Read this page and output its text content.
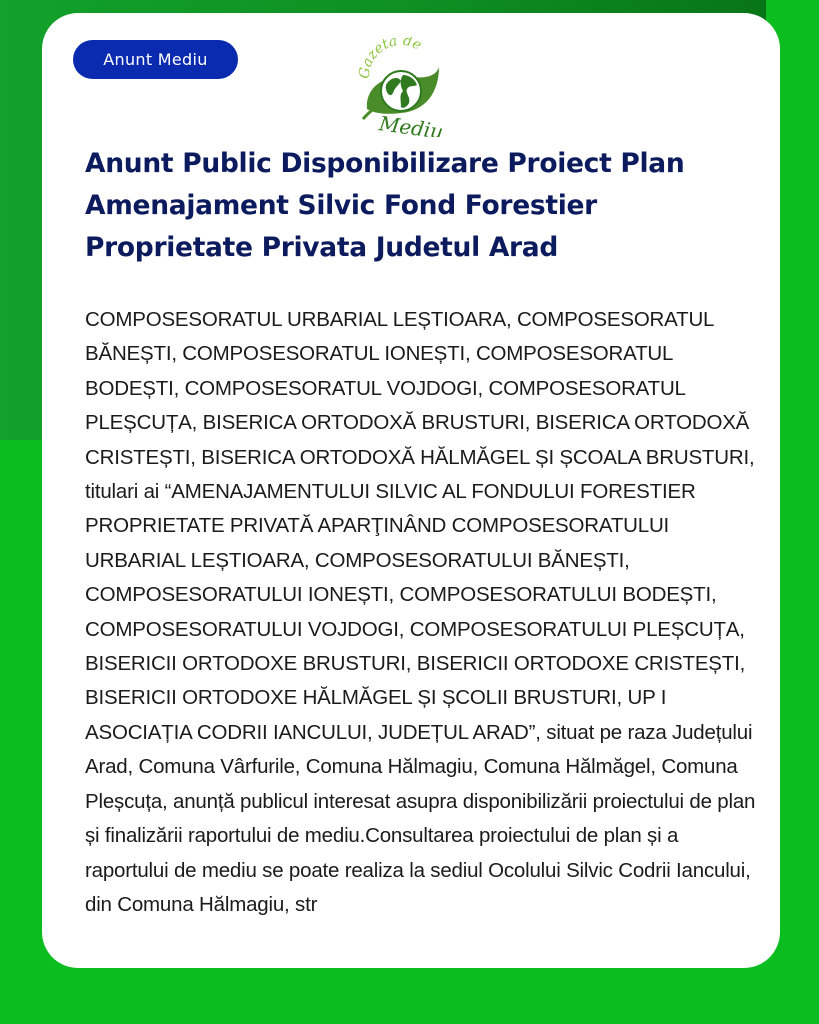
Anunt Mediu
Gazeta de
Mediu
Anunt Public Disponibilizare Proiect Plan Amenajament Silvic Fond Forestier Proprietate Privata Judetul Arad

COMPOSESORATUL URBARIAL LEȘTIOARA, COMPOSESORATUL BĂNEȘTI, COMPOSESORATUL IONEȘTI, COMPOSESORATUL BODEȘTI, COMPOSESORATUL VOJDOGI, COMPOSESORATUL PLEȘCUȚA, BISERICA ORTODOXĂ BRUSTURI, BISERICA ORTODOXĂ CRISTEȘTI, BISERICA ORTODOXĂ HĂLMĂGEL ȘI ȘCOALA BRUSTURI, titulari ai “AMENAJAMENTULUI SILVIC AL FONDULUI FORESTIER PROPRIETATE PRIVATĂ APARŢINÂND COMPOSESORATULUI URBARIAL LEȘTIOARA, COMPOSESORATULUI BĂNEȘTI, COMPOSESORATULUI IONEȘTI, COMPOSESORATULUI BODEȘTI, COMPOSESORATULUI VOJDOGI, COMPOSESORATULUI PLEȘCUȚA, BISERICII ORTODOXE BRUSTURI, BISERICII ORTODOXE CRISTEȘTI, BISERICII ORTODOXE HĂLMĂGEL ȘI ȘCOLII BRUSTURI, UP I ASOCIAȚIA CODRII IANCULUI, JUDEȚUL ARAD”, situat pe raza Județului Arad, Comuna Vârfurile, Comuna Hălmagiu, Comuna Hălmăgel, Comuna Pleșcuța, anunță publicul interesat asupra disponibilizării proiectului de plan și finalizării raportului de mediu.Consultarea proiectului de plan și a raportului de mediu se poate realiza la sediul Ocolului Silvic Codrii Iancului, din Comuna Hălmagiu, str
